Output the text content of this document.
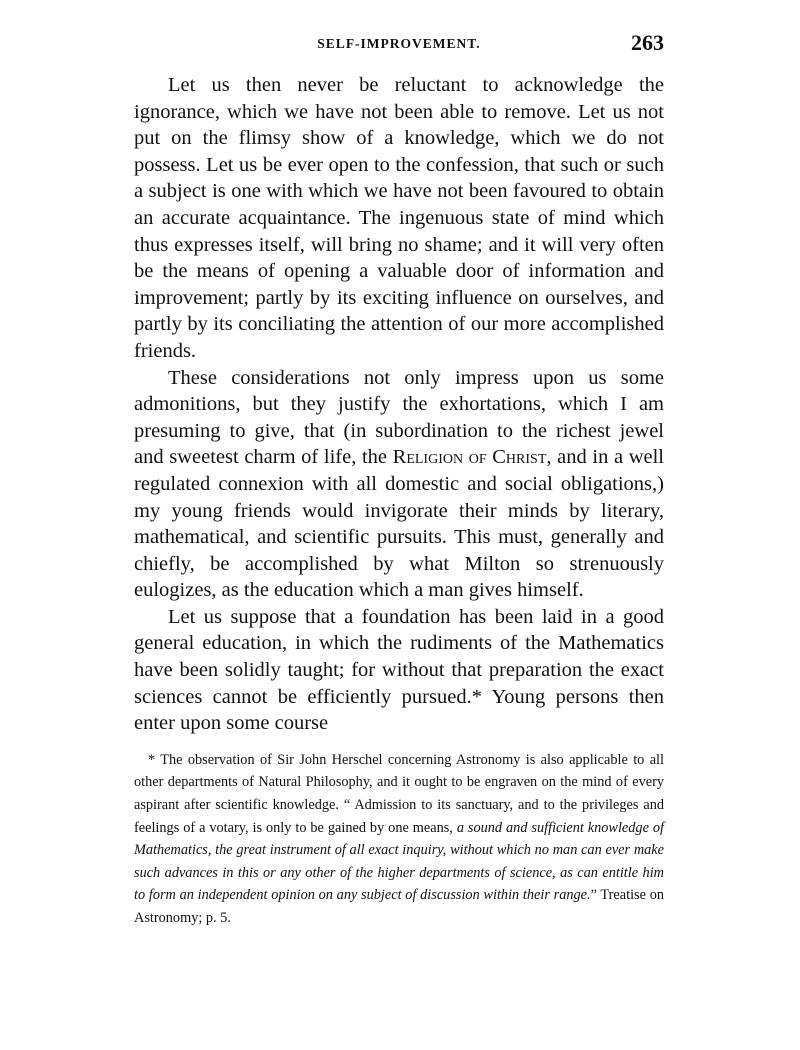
SELF-IMPROVEMENT.	263

Let us then never be reluctant to acknowledge the ignorance, which we have not been able to remove. Let us not put on the flimsy show of a knowledge, which we do not possess. Let us be ever open to the confession, that such or such a subject is one with which we have not been favoured to obtain an accurate acquaintance. The ingenuous state of mind which thus expresses itself, will bring no shame; and it will very often be the means of opening a valuable door of information and improvement; partly by its exciting influence on ourselves, and partly by its conciliating the attention of our more accomplished friends.

These considerations not only impress upon us some admonitions, but they justify the exhortations, which I am presuming to give, that (in subordination to the richest jewel and sweetest charm of life, the Religion of Christ, and in a well regulated connexion with all domestic and social obligations,) my young friends would invigorate their minds by literary, mathematical, and scientific pursuits. This must, generally and chiefly, be accomplished by what Milton so strenuously eulogizes, as the education which a man gives himself.

Let us suppose that a foundation has been laid in a good general education, in which the rudiments of the Mathematics have been solidly taught; for without that preparation the exact sciences cannot be efficiently pursued.* Young persons then enter upon some course

* The observation of Sir John Herschel concerning Astronomy is also applicable to all other departments of Natural Philosophy, and it ought to be engraven on the mind of every aspirant after scientific knowledge. “ Admission to its sanctuary, and to the privileges and feelings of a votary, is only to be gained by one means, a sound and sufficient knowledge of Mathematics, the great instrument of all exact inquiry, without which no man can ever make such advances in this or any other of the higher departments of science, as can entitle him to form an independent opinion on any subject of discussion within their range.” Treatise on Astronomy; p. 5.
